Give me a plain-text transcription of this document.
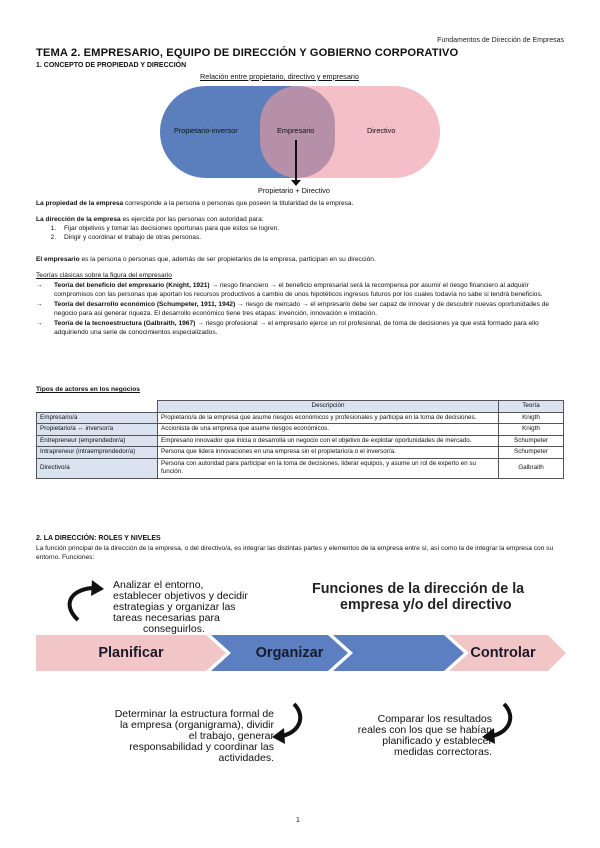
Fundamentos de Dirección de Empresas
TEMA 2. EMPRESARIO, EQUIPO DE DIRECCIÓN Y GOBIERNO CORPORATIVO
1. CONCEPTO DE PROPIEDAD Y DIRECCIÓN
Relación entre propietario, directivo y empresario
Propietario-inversor	Empresario	Directivo
Propietario + Directivo
La propiedad de la empresa corresponde a la persona o personas que poseen la titularidad de la empresa.
La dirección de la empresa es ejercida por las personas con autoridad para:
1. Fijar objetivos y tomar las decisiones oportunas para que estos se logren.
2. Dirigir y coordinar el trabajo de otras personas.
El empresario es la persona o personas que, además de ser propietarios de la empresa, participan en su dirección.
Teorías clásicas sobre la figura del empresario
→ Teoría del beneficio del empresario (Knight, 1921) → riesgo financiero → el beneficio empresarial será la recompensa por asumir el riesgo financiero al adquirir compromisos con las personas que aportan los recursos productivos a cambio de unos hipotéticos ingresos futuros por los cuales todavía no sabe si tendrá beneficios.
→ Teoría del desarrollo económico (Schumpeter, 1911, 1942) → riesgo de mercado → el empresario debe ser capaz de innovar y de descubrir nuevas oportunidades de negocio para asi generar riqueza. El desarrollo económico tiene tres etapas: invención, innovación e imitación.
→ Teoría de la tecnoestructura (Galbraith, 1967) → riesgo profesional → el empresario ejerce un rol profesional, de toma de decisiones ya que está formado para ello adquiriendo una serie de conocimientos especializados.
Tipos de actores en los negocios
	Descripción	Teoría
Empresario/a	Propietario/a de la empresa que asume riesgos económicos y profesionales y participa en la toma de decisiones.	Knigth
Propietario/a ↔ inversor/a	Accionista de una empresa que asume riesgos económicos.	Knigth
Entrepreneur (emprendedor/a)	Empresario innovador que inicia o desarrolla un negocio con el objetivo de explotar oportunidades de mercado.	Schumpeter
Intrapreneur (intraemprendedor/a)	Persona que lidera innovaciones en una empresa sin el propietario/a o el inversor/a.	Schumpeter
Directivo/a	Persona con autoridad para participar en la toma de decisiones, liderar equipos, y asume un rol de experto en su función.	Galbraith
2. LA DIRECCIÓN: ROLES Y NIVELES
La función principal de la dirección de la empresa, o del directivo/a, es integrar las distintas partes y elementos de la empresa entre sí, así como la de integrar la empresa con su entorno. Funciones:
Funciones de la dirección de la
empresa y/o del directivo
Planificar	Organizar	Controlar
Analizar el entorno,
establecer objetivos y decidir
estrategias y organizar las
tareas necesarias para
conseguirlos.
Determinar la estructura formal de
la empresa (organigrama), dividir
el trabajo, generar
responsabilidad y coordinar las
actividades.
Comparar los resultados
reales con los que se habían
planificado y establecer
medidas correctoras.
1
